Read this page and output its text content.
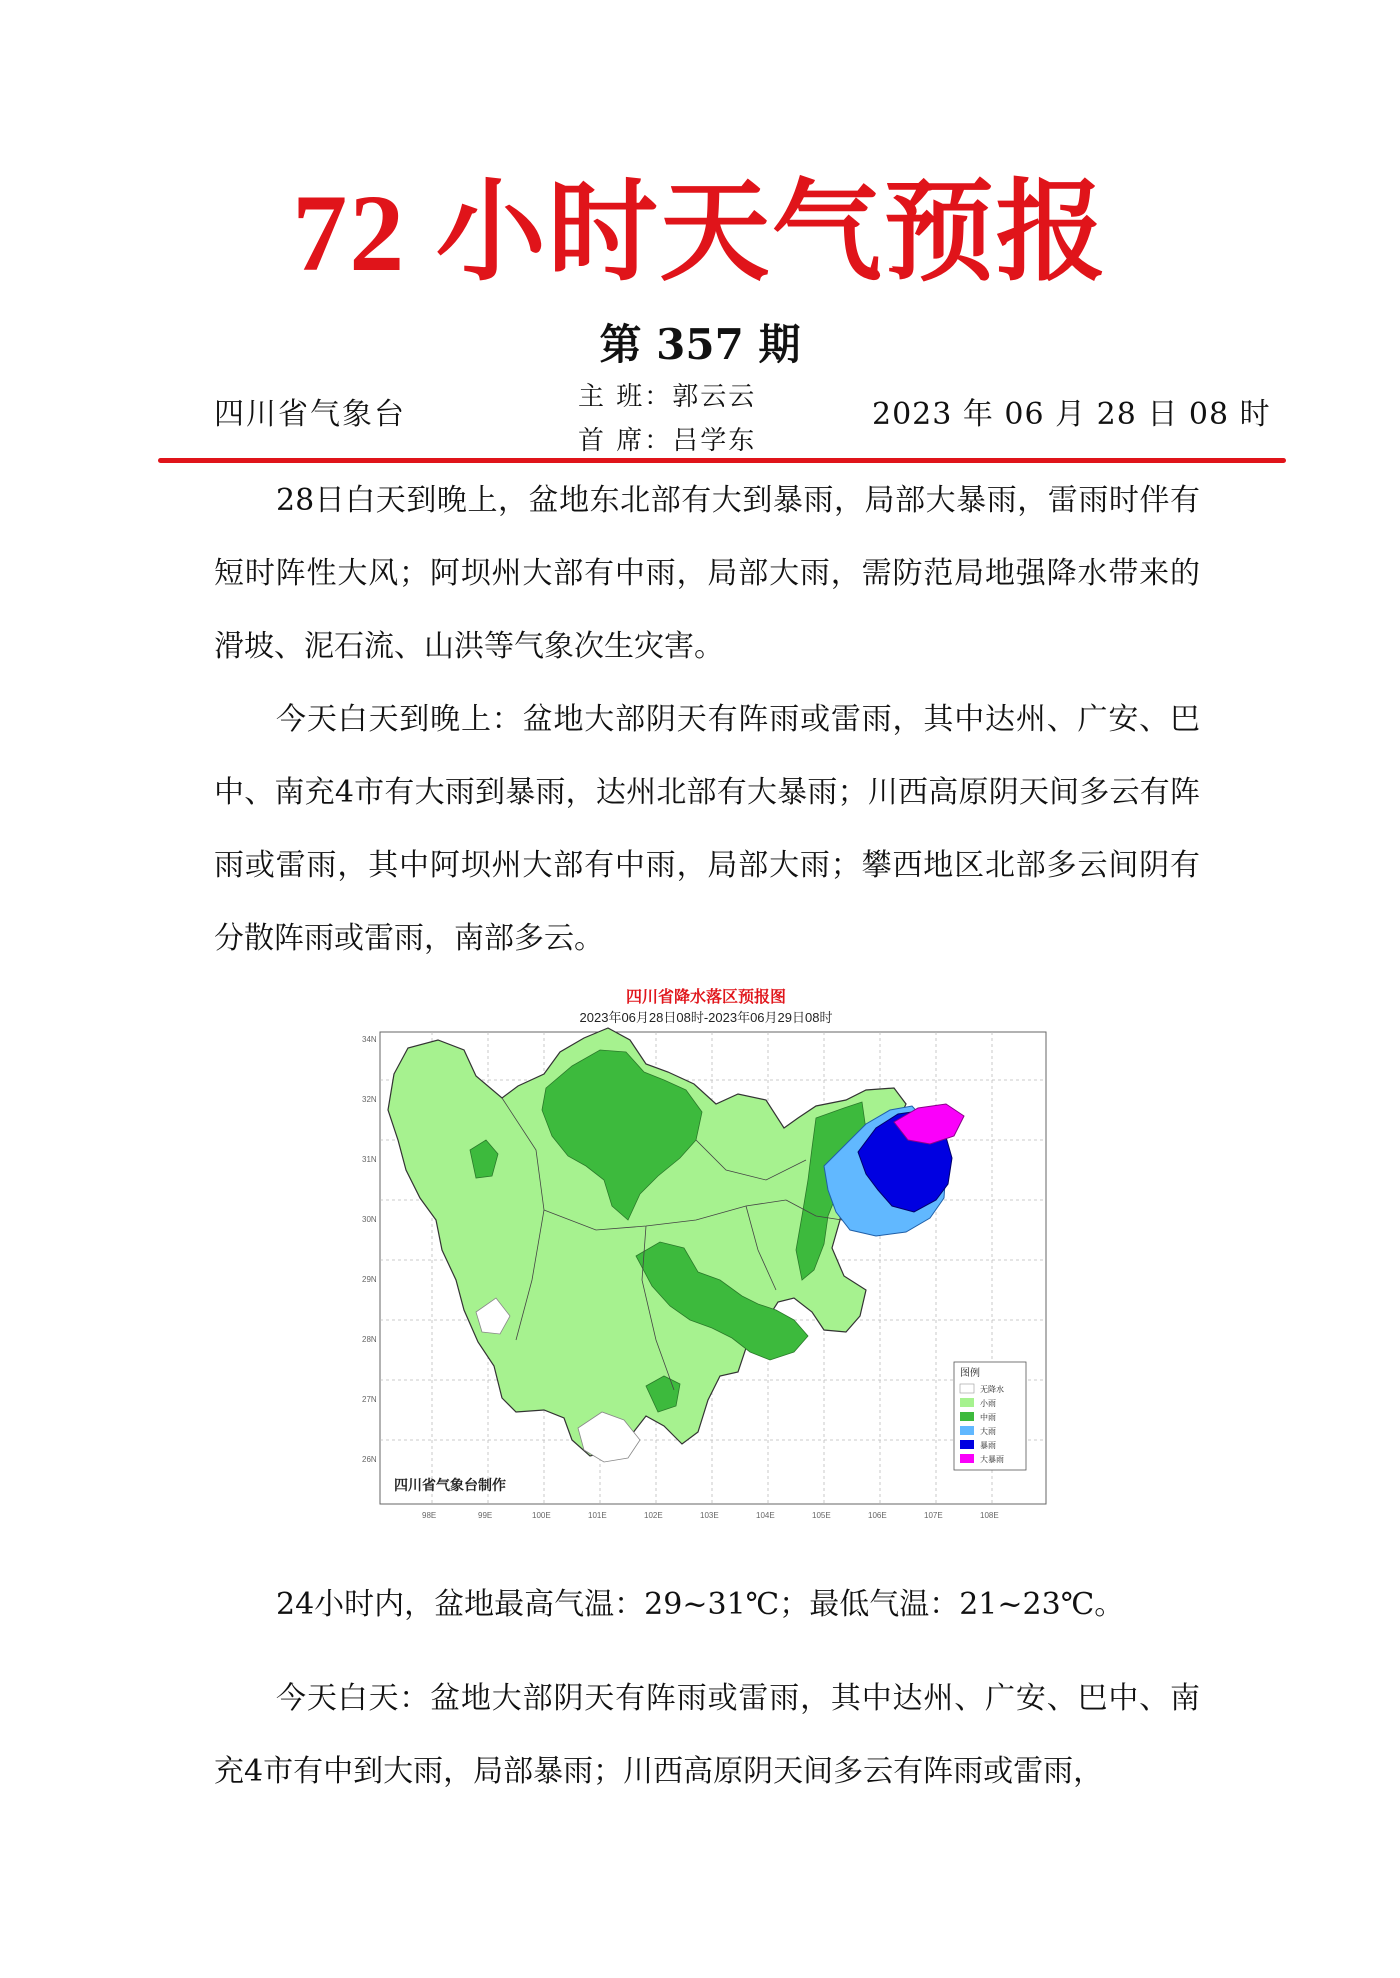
72 小时天气预报
第 357 期
四川省气象台	主 班：郭云云
首 席：吕学东
2023 年 06 月 28 日 08 时

28日白天到晚上，盆地东北部有大到暴雨，局部大暴雨，雷雨时伴有短时阵性大风；阿坝州大部有中雨，局部大雨，需防范局地强降水带来的滑坡、泥石流、山洪等气象次生灾害。

今天白天到晚上：盆地大部阴天有阵雨或雷雨，其中达州、广安、巴中、南充4市有大雨到暴雨，达州北部有大暴雨；川西高原阴天间多云有阵雨或雷雨，其中阿坝州大部有中雨，局部大雨；攀西地区北部多云间阴有分散阵雨或雷雨，南部多云。

四川省降水落区预报图
2023年06月28日08时-2023年06月29日08时
34N
32N
31N
30N
29N
28N
27N
26N
98E	99E	100E	101E	102E	103E	104E	105E	106E	107E	108E
图例
无降水
小雨
中雨
大雨
暴雨
大暴雨
四川省气象台制作

24小时内，盆地最高气温：29~31℃；最低气温：21~23℃。

今天白天：盆地大部阴天有阵雨或雷雨，其中达州、广安、巴中、南充4市有中到大雨，局部暴雨；川西高原阴天间多云有阵雨或雷雨，
